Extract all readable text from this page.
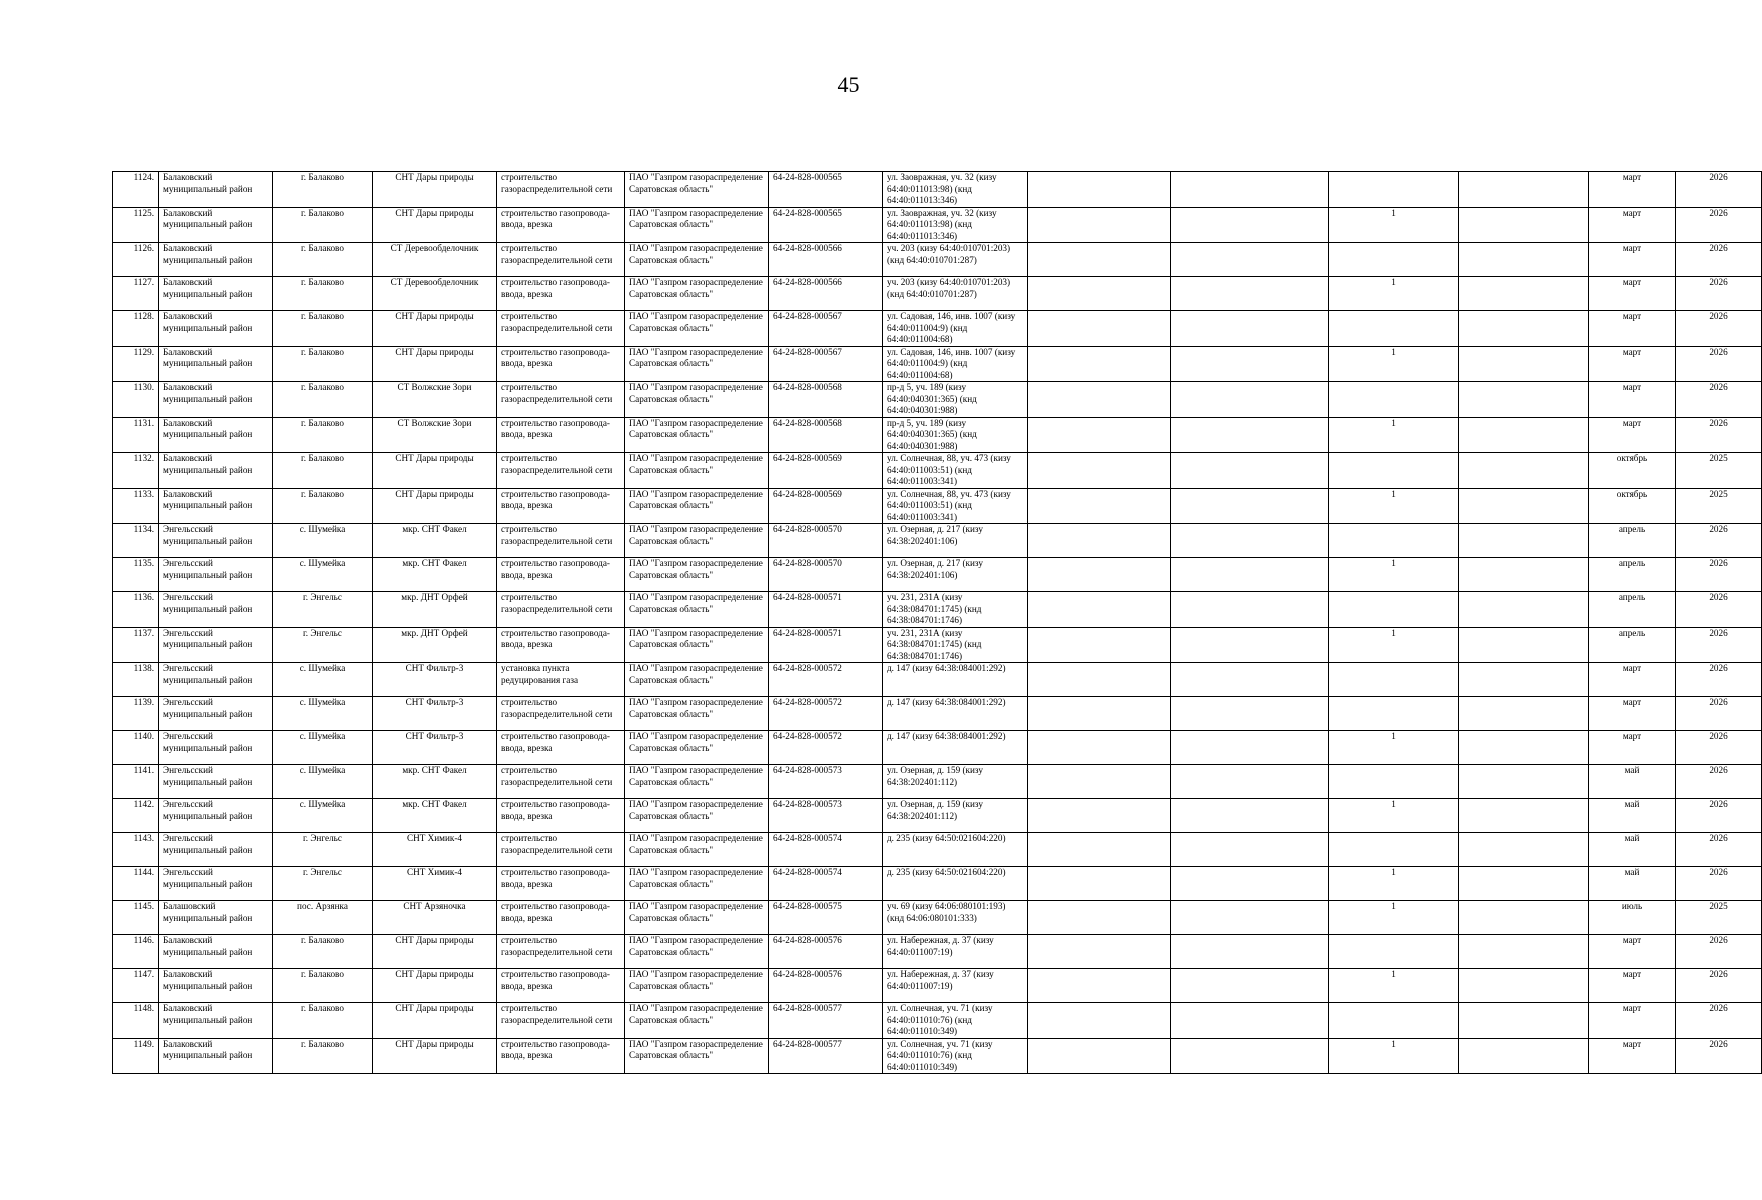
45
1124.	Балаковский муниципальный район	г. Балаково	СНТ Дары природы	строительство газораспределительной сети	ПАО "Газпром газораспределение Саратовская область"	64-24-828-000565	ул. Заовражная, уч. 32 (кизу 64:40:011013:98) (кнд 64:40:011013:346)					март	2026
1125.	Балаковский муниципальный район	г. Балаково	СНТ Дары природы	строительство газопровода-ввода, врезка	ПАО "Газпром газораспределение Саратовская область"	64-24-828-000565	ул. Заовражная, уч. 32 (кизу 64:40:011013:98) (кнд 64:40:011013:346)			1		март	2026
1126.	Балаковский муниципальный район	г. Балаково	СТ Деревообделочник	строительство газораспределительной сети	ПАО "Газпром газораспределение Саратовская область"	64-24-828-000566	уч. 203 (кизу 64:40:010701:203) (кнд 64:40:010701:287)					март	2026
1127.	Балаковский муниципальный район	г. Балаково	СТ Деревообделочник	строительство газопровода-ввода, врезка	ПАО "Газпром газораспределение Саратовская область"	64-24-828-000566	уч. 203 (кизу 64:40:010701:203) (кнд 64:40:010701:287)			1		март	2026
1128.	Балаковский муниципальный район	г. Балаково	СНТ Дары природы	строительство газораспределительной сети	ПАО "Газпром газораспределение Саратовская область"	64-24-828-000567	ул. Садовая, 146, инв. 1007 (кизу 64:40:011004:9) (кнд 64:40:011004:68)					март	2026
1129.	Балаковский муниципальный район	г. Балаково	СНТ Дары природы	строительство газопровода-ввода, врезка	ПАО "Газпром газораспределение Саратовская область"	64-24-828-000567	ул. Садовая, 146, инв. 1007 (кизу 64:40:011004:9) (кнд 64:40:011004:68)			1		март	2026
1130.	Балаковский муниципальный район	г. Балаково	СТ Волжские Зори	строительство газораспределительной сети	ПАО "Газпром газораспределение Саратовская область"	64-24-828-000568	пр-д 5, уч. 189 (кизу 64:40:040301:365) (кнд 64:40:040301:988)					март	2026
1131.	Балаковский муниципальный район	г. Балаково	СТ Волжские Зори	строительство газопровода-ввода, врезка	ПАО "Газпром газораспределение Саратовская область"	64-24-828-000568	пр-д 5, уч. 189 (кизу 64:40:040301:365) (кнд 64:40:040301:988)			1		март	2026
1132.	Балаковский муниципальный район	г. Балаково	СНТ Дары природы	строительство газораспределительной сети	ПАО "Газпром газораспределение Саратовская область"	64-24-828-000569	ул. Солнечная, 88, уч. 473 (кизу 64:40:011003:51) (кнд 64:40:011003:341)					октябрь	2025
1133.	Балаковский муниципальный район	г. Балаково	СНТ Дары природы	строительство газопровода-ввода, врезка	ПАО "Газпром газораспределение Саратовская область"	64-24-828-000569	ул. Солнечная, 88, уч. 473 (кизу 64:40:011003:51) (кнд 64:40:011003:341)			1		октябрь	2025
1134.	Энгельсский муниципальный район	с. Шумейка	мкр. СНТ Факел	строительство газораспределительной сети	ПАО "Газпром газораспределение Саратовская область"	64-24-828-000570	ул. Озерная, д. 217 (кизу 64:38:202401:106)					апрель	2026
1135.	Энгельсский муниципальный район	с. Шумейка	мкр. СНТ Факел	строительство газопровода-ввода, врезка	ПАО "Газпром газораспределение Саратовская область"	64-24-828-000570	ул. Озерная, д. 217 (кизу 64:38:202401:106)			1		апрель	2026
1136.	Энгельсский муниципальный район	г. Энгельс	мкр. ДНТ Орфей	строительство газораспределительной сети	ПАО "Газпром газораспределение Саратовская область"	64-24-828-000571	уч. 231, 231А (кизу 64:38:084701:1745) (кнд 64:38:084701:1746)					апрель	2026
1137.	Энгельсский муниципальный район	г. Энгельс	мкр. ДНТ Орфей	строительство газопровода-ввода, врезка	ПАО "Газпром газораспределение Саратовская область"	64-24-828-000571	уч. 231, 231А (кизу 64:38:084701:1745) (кнд 64:38:084701:1746)			1		апрель	2026
1138.	Энгельсский муниципальный район	с. Шумейка	СНТ Фильтр-3	установка пункта редуцирования газа	ПАО "Газпром газораспределение Саратовская область"	64-24-828-000572	д. 147 (кизу 64:38:084001:292)					март	2026
1139.	Энгельсский муниципальный район	с. Шумейка	СНТ Фильтр-3	строительство газораспределительной сети	ПАО "Газпром газораспределение Саратовская область"	64-24-828-000572	д. 147 (кизу 64:38:084001:292)					март	2026
1140.	Энгельсский муниципальный район	с. Шумейка	СНТ Фильтр-3	строительство газопровода-ввода, врезка	ПАО "Газпром газораспределение Саратовская область"	64-24-828-000572	д. 147 (кизу 64:38:084001:292)			1		март	2026
1141.	Энгельсский муниципальный район	с. Шумейка	мкр. СНТ Факел	строительство газораспределительной сети	ПАО "Газпром газораспределение Саратовская область"	64-24-828-000573	ул. Озерная, д. 159 (кизу 64:38:202401:112)					май	2026
1142.	Энгельсский муниципальный район	с. Шумейка	мкр. СНТ Факел	строительство газопровода-ввода, врезка	ПАО "Газпром газораспределение Саратовская область"	64-24-828-000573	ул. Озерная, д. 159 (кизу 64:38:202401:112)			1		май	2026
1143.	Энгельсский муниципальный район	г. Энгельс	СНТ Химик-4	строительство газораспределительной сети	ПАО "Газпром газораспределение Саратовская область"	64-24-828-000574	д. 235 (кизу 64:50:021604:220)					май	2026
1144.	Энгельсский муниципальный район	г. Энгельс	СНТ Химик-4	строительство газопровода-ввода, врезка	ПАО "Газпром газораспределение Саратовская область"	64-24-828-000574	д. 235 (кизу 64:50:021604:220)			1		май	2026
1145.	Балашовский муниципальный район	пос. Арзянка	СНТ Арзяночка	строительство газопровода-ввода, врезка	ПАО "Газпром газораспределение Саратовская область"	64-24-828-000575	уч. 69 (кизу 64:06:080101:193) (кнд 64:06:080101:333)			1		июль	2025
1146.	Балаковский муниципальный район	г. Балаково	СНТ Дары природы	строительство газораспределительной сети	ПАО "Газпром газораспределение Саратовская область"	64-24-828-000576	ул. Набережная, д. 37 (кизу 64:40:011007:19)					март	2026
1147.	Балаковский муниципальный район	г. Балаково	СНТ Дары природы	строительство газопровода-ввода, врезка	ПАО "Газпром газораспределение Саратовская область"	64-24-828-000576	ул. Набережная, д. 37 (кизу 64:40:011007:19)			1		март	2026
1148.	Балаковский муниципальный район	г. Балаково	СНТ Дары природы	строительство газораспределительной сети	ПАО "Газпром газораспределение Саратовская область"	64-24-828-000577	ул. Солнечная, уч. 71 (кизу 64:40:011010:76) (кнд 64:40:011010:349)					март	2026
1149.	Балаковский муниципальный район	г. Балаково	СНТ Дары природы	строительство газопровода-ввода, врезка	ПАО "Газпром газораспределение Саратовская область"	64-24-828-000577	ул. Солнечная, уч. 71 (кизу 64:40:011010:76) (кнд 64:40:011010:349)			1		март	2026
